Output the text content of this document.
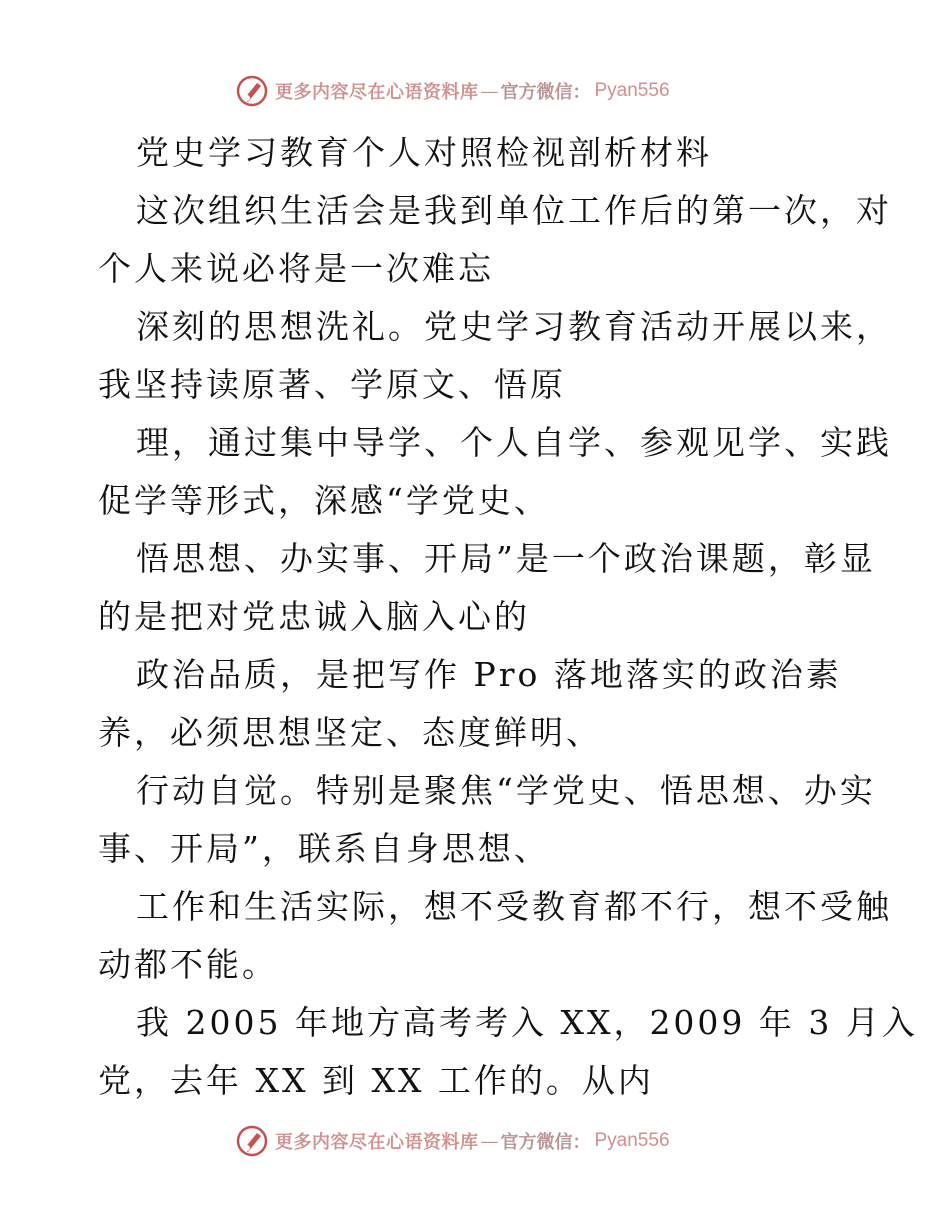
更多内容尽在心语资料库 — 官方微信： Pyan556
党史学习教育个人对照检视剖析材料
这次组织生活会是我到单位工作后的第一次，对
个人来说必将是一次难忘
深刻的思想洗礼。党史学习教育活动开展以来，
我坚持读原著、学原文、悟原
理，通过集中导学、个人自学、参观见学、实践
促学等形式，深感“学党史、
悟思想、办实事、开局”是一个政治课题，彰显
的是把对党忠诚入脑入心的
政治品质，是把写作 Pro 落地落实的政治素
养，必须思想坚定、态度鲜明、
行动自觉。特别是聚焦“学党史、悟思想、办实
事、开局”，联系自身思想、
工作和生活实际，想不受教育都不行，想不受触
动都不能。
我 2005 年地方高考考入 XX，2009 年 3 月入
党，去年 XX 到 XX 工作的。从内
更多内容尽在心语资料库 — 官方微信： Pyan556
